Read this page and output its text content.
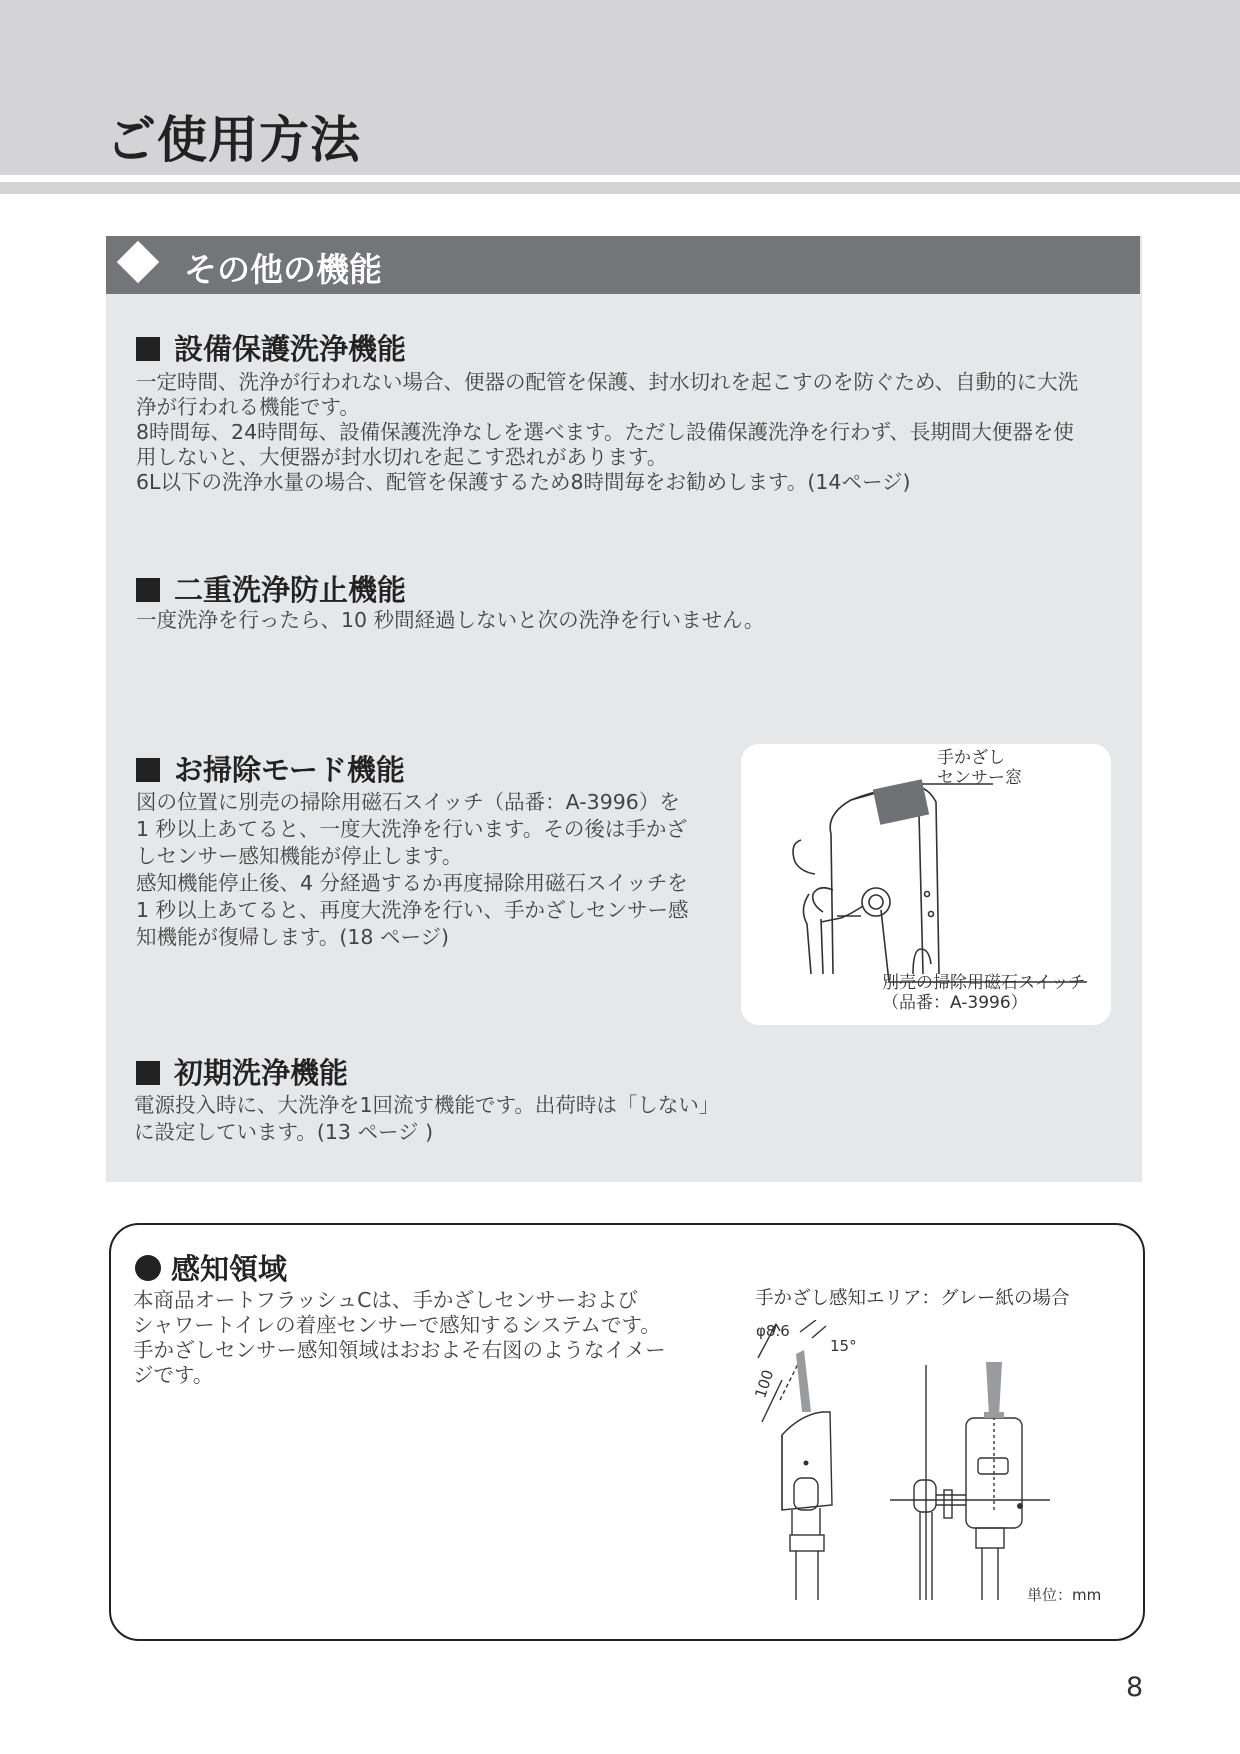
ご使用方法
その他の機能
設備保護洗浄機能
一定時間、洗浄が行われない場合、便器の配管を保護、封水切れを起こすのを防ぐため、自動的に大洗
浄が行われる機能です。
8時間毎、24時間毎、設備保護洗浄なしを選べます。ただし設備保護洗浄を行わず、長期間大便器を使
用しないと、大便器が封水切れを起こす恐れがあります。
6L以下の洗浄水量の場合、配管を保護するため8時間毎をお勧めします。(14ページ)
二重洗浄防止機能
一度洗浄を行ったら、10 秒間経過しないと次の洗浄を行いません。
お掃除モード機能
図の位置に別売の掃除用磁石スイッチ（品番：A-3996）を
1 秒以上あてると、一度大洗浄を行います。その後は手かざ
しセンサー感知機能が停止します。
感知機能停止後、4 分経過するか再度掃除用磁石スイッチを
1 秒以上あてると、再度大洗浄を行い、手かざしセンサー感
知機能が復帰します。(18 ページ)
手かざし
センサー窓
別売の掃除用磁石スイッチ
（品番：A-3996）
初期洗浄機能
電源投入時に、大洗浄を1回流す機能です。出荷時は「しない」
に設定しています。(13 ページ )
感知領域
本商品オートフラッシュCは、手かざしセンサーおよび
シャワートイレの着座センサーで感知するシステムです。
手かざしセンサー感知領域はおおよそ右図のようなイメー
ジです。
手かざし感知エリア：グレー紙の場合
φ8.6
15°
100
単位：mm
8
